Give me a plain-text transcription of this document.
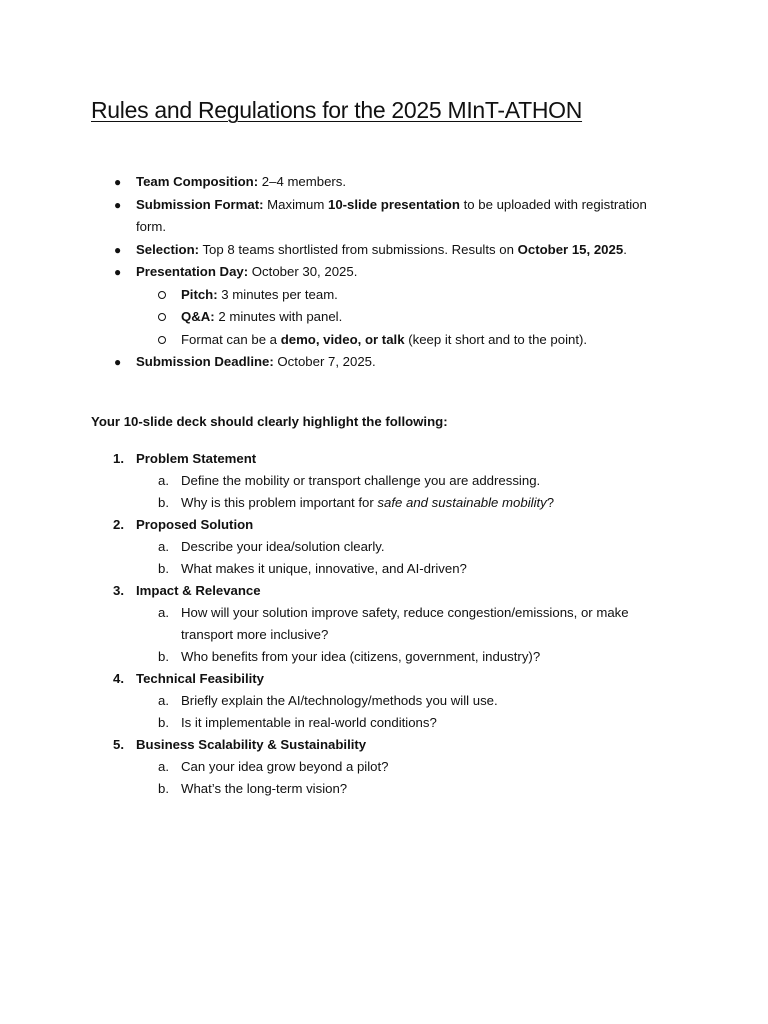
Rules and Regulations for the 2025 MInT-ATHON
● Team Composition: 2–4 members.
● Submission Format: Maximum 10-slide presentation to be uploaded with registration form.
● Selection: Top 8 teams shortlisted from submissions. Results on October 15, 2025.
● Presentation Day: October 30, 2025.
Pitch: 3 minutes per team.
Q&A: 2 minutes with panel.
Format can be a demo, video, or talk (keep it short and to the point).
● Submission Deadline: October 7, 2025.

Your 10-slide deck should clearly highlight the following:

1. Problem Statement
a. Define the mobility or transport challenge you are addressing.
b. Why is this problem important for safe and sustainable mobility?
2. Proposed Solution
a. Describe your idea/solution clearly.
b. What makes it unique, innovative, and AI-driven?
3. Impact & Relevance
a. How will your solution improve safety, reduce congestion/emissions, or make transport more inclusive?
b. Who benefits from your idea (citizens, government, industry)?
4. Technical Feasibility
a. Briefly explain the AI/technology/methods you will use.
b. Is it implementable in real-world conditions?
5. Business Scalability & Sustainability
a. Can your idea grow beyond a pilot?
b. What’s the long-term vision?
